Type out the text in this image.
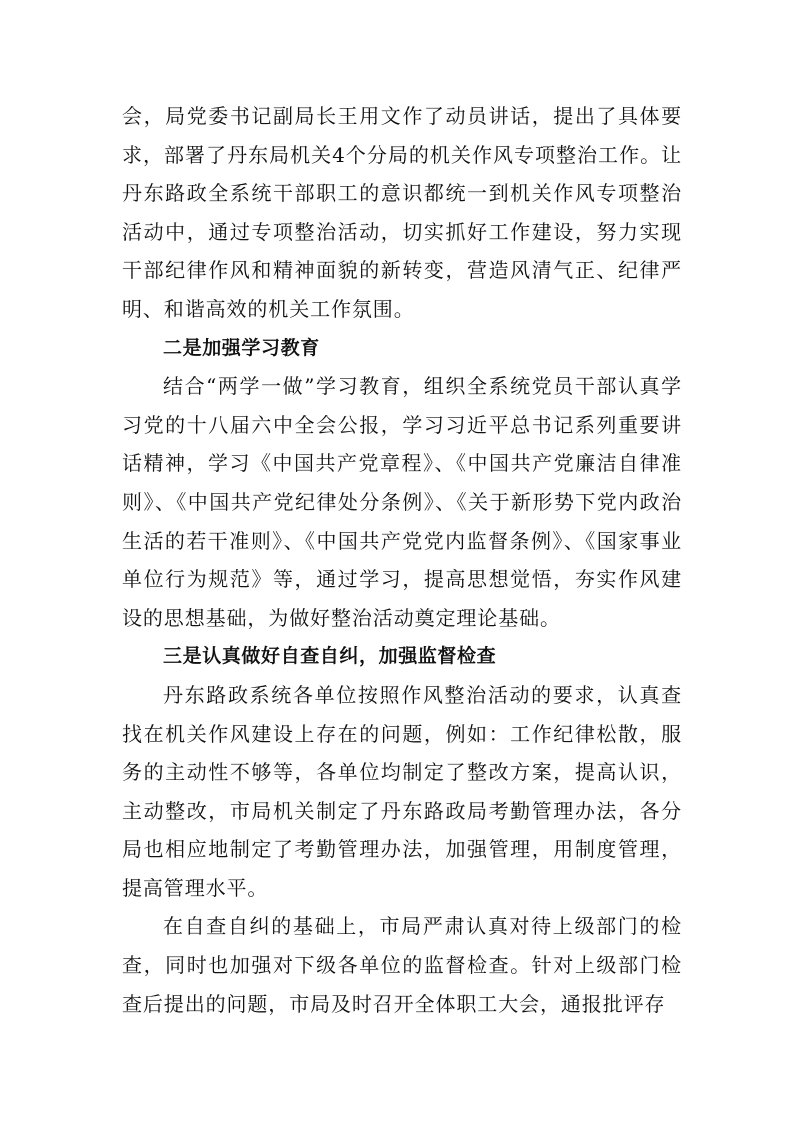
会，局党委书记副局长王用文作了动员讲话，提出了具体要求，部署了丹东局机关4个分局的机关作风专项整治工作。让丹东路政全系统干部职工的意识都统一到机关作风专项整治活动中，通过专项整治活动，切实抓好工作建设，努力实现干部纪律作风和精神面貌的新转变，营造风清气正、纪律严明、和谐高效的机关工作氛围。

二是加强学习教育

结合“两学一做”学习教育，组织全系统党员干部认真学习党的十八届六中全会公报，学习习近平总书记系列重要讲话精神，学习《中国共产党章程》、《中国共产党廉洁自律准则》、《中国共产党纪律处分条例》、《关于新形势下党内政治生活的若干准则》、《中国共产党党内监督条例》、《国家事业单位行为规范》等，通过学习，提高思想觉悟，夯实作风建设的思想基础，为做好整治活动奠定理论基础。

三是认真做好自查自纠，加强监督检查

丹东路政系统各单位按照作风整治活动的要求，认真查找在机关作风建设上存在的问题，例如：工作纪律松散，服务的主动性不够等，各单位均制定了整改方案，提高认识，主动整改，市局机关制定了丹东路政局考勤管理办法，各分局也相应地制定了考勤管理办法，加强管理，用制度管理，提高管理水平。

在自查自纠的基础上，市局严肃认真对待上级部门的检查，同时也加强对下级各单位的监督检查。针对上级部门检查后提出的问题，市局及时召开全体职工大会，通报批评存
